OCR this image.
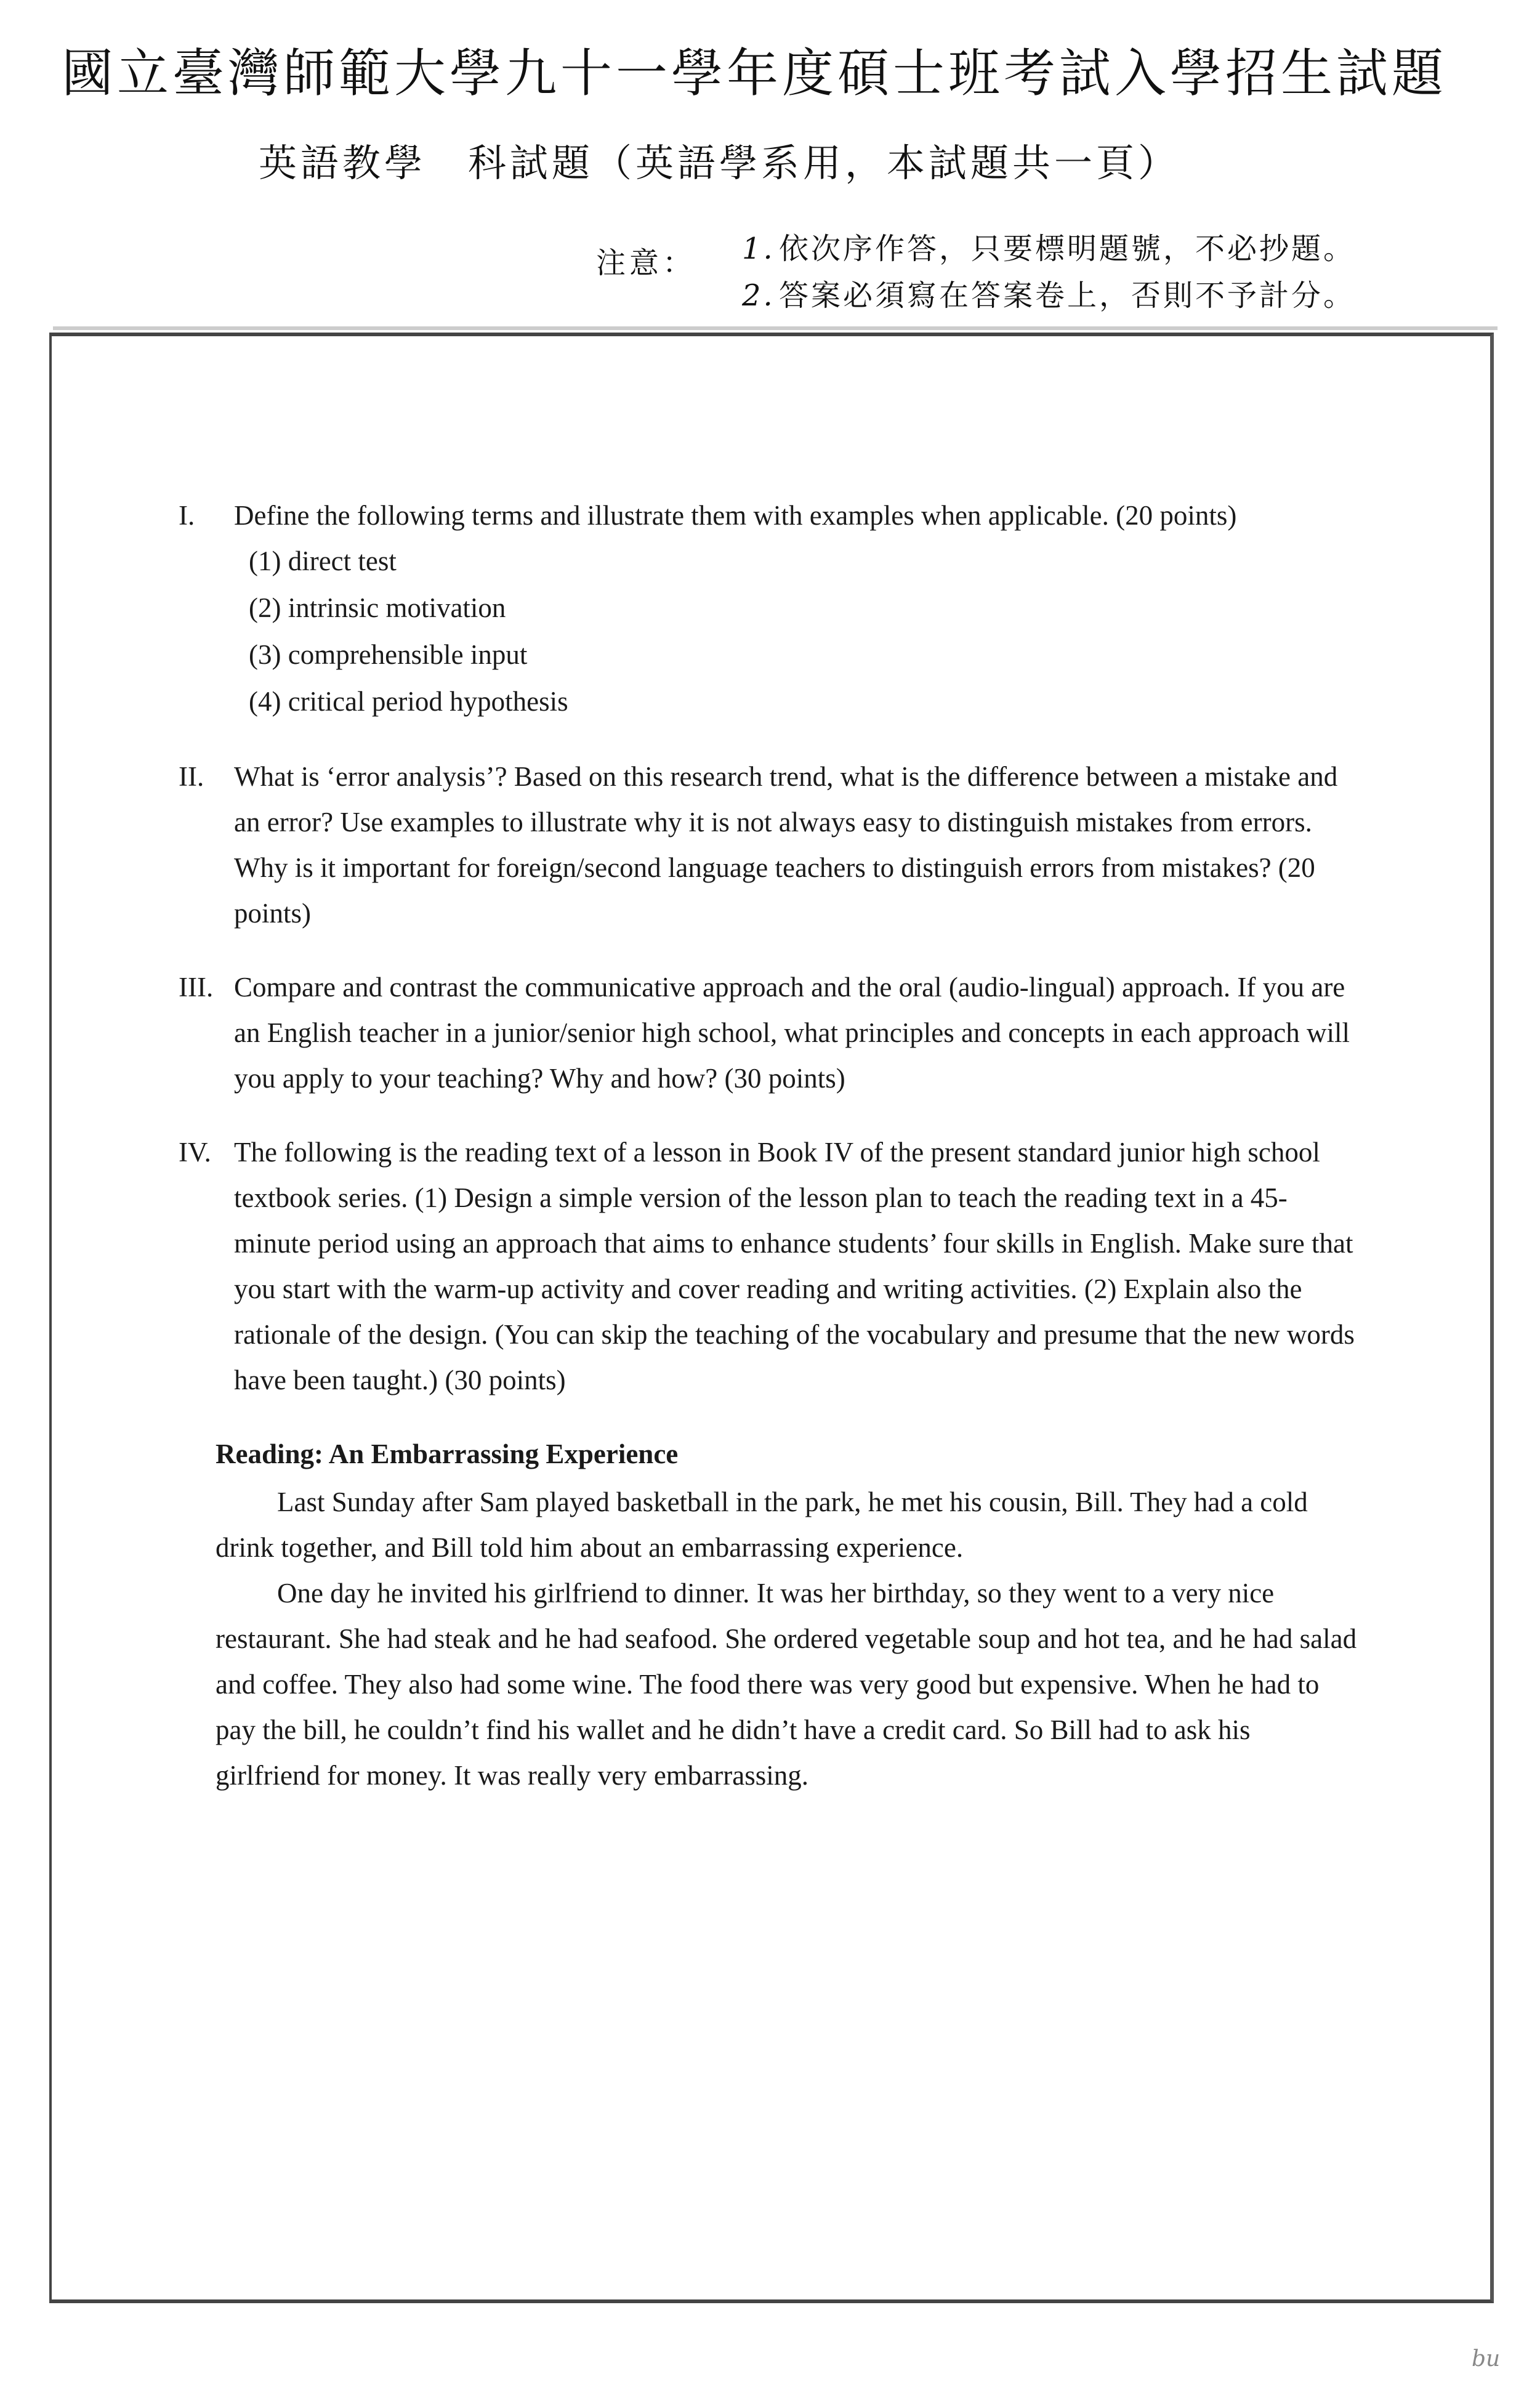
國立臺灣師範大學九十一學年度碩士班考試入學招生試題
英語教學　科試題（英語學系用，本試題共一頁）
注意： 1. 依次序作答，只要標明題號，不必抄題。
2. 答案必須寫在答案卷上，否則不予計分。
I.	Define the following terms and illustrate them with examples when applicable. (20 points)

(1) direct test
(2) intrinsic motivation
(3) comprehensible input
(4) critical period hypothesis
II.	What is ‘error analysis’? Based on this research trend, what is the difference between a mistake and an error? Use examples to illustrate why it is not always easy to distinguish mistakes from errors. Why is it important for foreign/second language teachers to distinguish errors from mistakes? (20 points)

III. Compare and contrast the communicative approach and the oral (audio-lingual) approach. If you are an English teacher in a junior/senior high school, what principles and concepts in each approach will you apply to your teaching? Why and how? (30 points)

IV. The following is the reading text of a lesson in Book IV of the present standard junior high school textbook series. (1) Design a simple version of the lesson plan to teach the reading text in a 45-minute period using an approach that aims to enhance students’ four skills in English. Make sure that you start with the warm-up activity and cover reading and writing activities. (2) Explain also the rationale of the design. (You can skip the teaching of the vocabulary and presume that the new words have been taught.) (30 points)

Reading: An Embarrassing Experience

Last Sunday after Sam played basketball in the park, he met his cousin, Bill. They had a cold drink together, and Bill told him about an embarrassing experience.

One day he invited his girlfriend to dinner. It was her birthday, so they went to a very nice restaurant. She had steak and he had seafood. She ordered vegetable soup and hot tea, and he had salad and coffee. They also had some wine. The food there was very good but expensive. When he had to pay the bill, he couldn’t find his wallet and he didn’t have a credit card. So Bill had to ask his girlfriend for money. It was really very embarrassing.

bu
